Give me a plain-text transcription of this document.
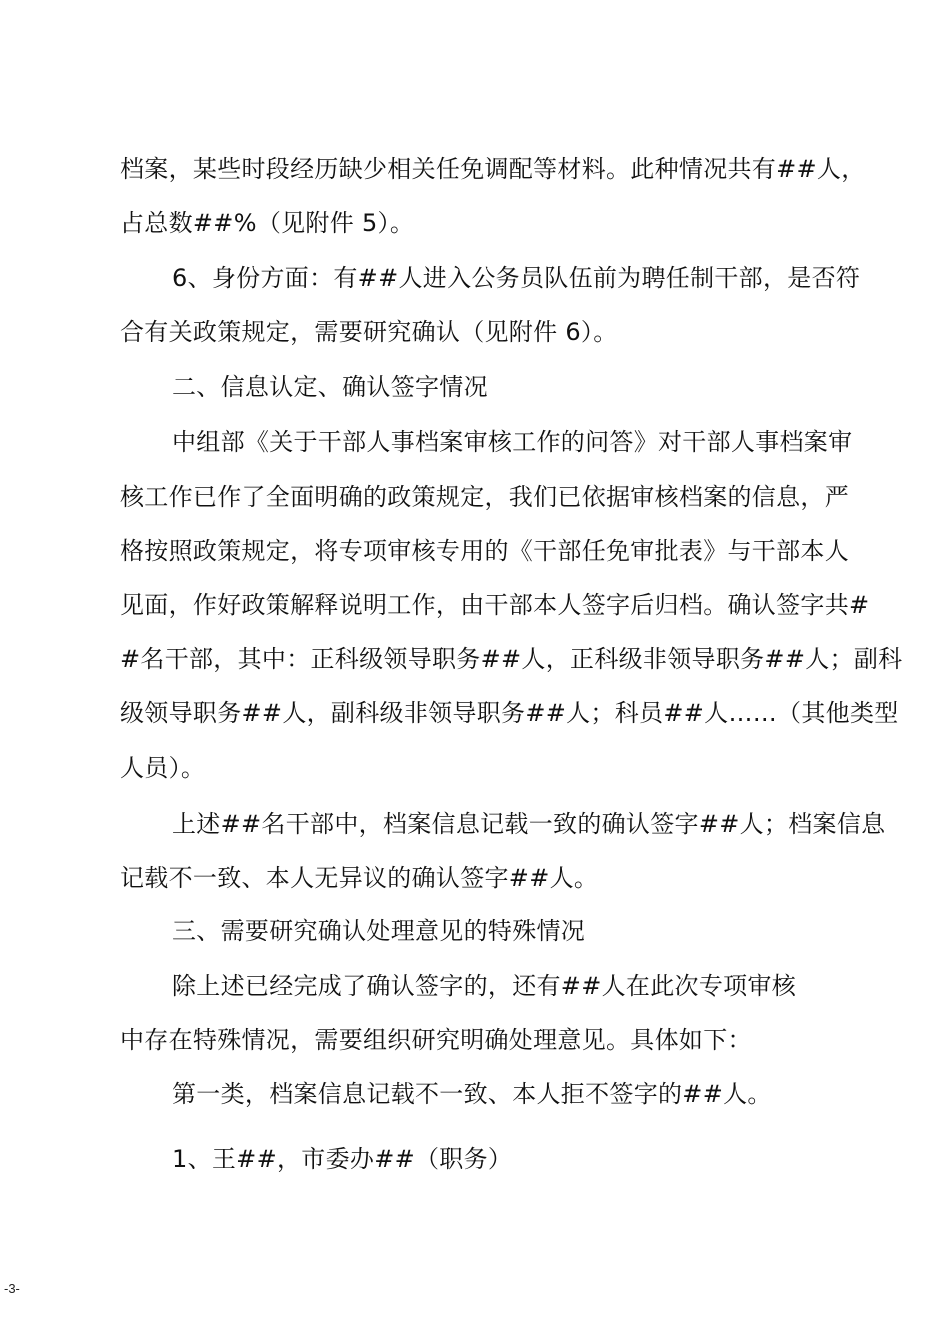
档案，某些时段经历缺少相关任免调配等材料。此种情况共有##人，
占总数##%（见附件 5）。
6、身份方面：有##人进入公务员队伍前为聘任制干部，是否符
合有关政策规定，需要研究确认（见附件 6）。
二、信息认定、确认签字情况
中组部《关于干部人事档案审核工作的问答》对干部人事档案审
核工作已作了全面明确的政策规定，我们已依据审核档案的信息，严
格按照政策规定，将专项审核专用的《干部任免审批表》与干部本人
见面，作好政策解释说明工作，由干部本人签字后归档。确认签字共#
#名干部，其中：正科级领导职务##人，正科级非领导职务##人；副科
级领导职务##人，副科级非领导职务##人；科员##人……（其他类型
人员）。
上述##名干部中，档案信息记载一致的确认签字##人；档案信息
记载不一致、本人无异议的确认签字##人。
三、需要研究确认处理意见的特殊情况
除上述已经完成了确认签字的，还有##人在此次专项审核
中存在特殊情况，需要组织研究明确处理意见。具体如下：
第一类，档案信息记载不一致、本人拒不签字的##人。
1、王##，市委办##（职务）
-3-
